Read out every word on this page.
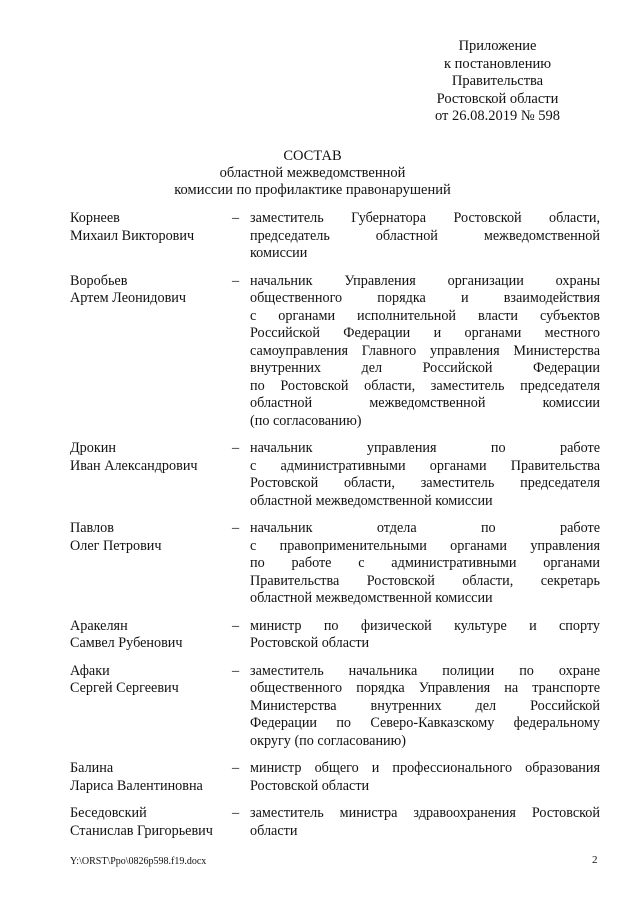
Приложение
к постановлению
Правительства
Ростовской области
от 26.08.2019 № 598
СОСТАВ
областной межведомственной
комиссии по профилактике правонарушений
Корнеев
Михаил Викторович
– заместитель Губернатора Ростовской области,
председатель областной межведомственной
комиссии
Воробьев
Артем Леонидович
– начальник Управления организации охраны
общественного порядка и взаимодействия
с органами исполнительной власти субъектов
Российской Федерации и органами местного
самоуправления Главного управления Министерства
внутренних дел Российской Федерации
по Ростовской области, заместитель председателя
областной межведомственной комиссии
(по согласованию)
Дрокин
Иван Александрович
– начальник управления по работе
с административными органами Правительства
Ростовской области, заместитель председателя
областной межведомственной комиссии
Павлов
Олег Петрович
– начальник отдела по работе
с правоприменительными органами управления
по работе с административными органами
Правительства Ростовской области, секретарь
областной межведомственной комиссии
Аракелян
Самвел Рубенович
– министр по физической культуре и спорту
Ростовской области
Афаки
Сергей Сергеевич
– заместитель начальника полиции по охране
общественного порядка Управления на транспорте
Министерства внутренних дел Российской
Федерации по Северо-Кавказскому федеральному
округу (по согласованию)
Балина
Лариса Валентиновна
– министр общего и профессионального образования
Ростовской области
Беседовский
Станислав Григорьевич
– заместитель министра здравоохранения Ростовской
области
Y:\ORST\Ppo\0826p598.f19.docx	2
